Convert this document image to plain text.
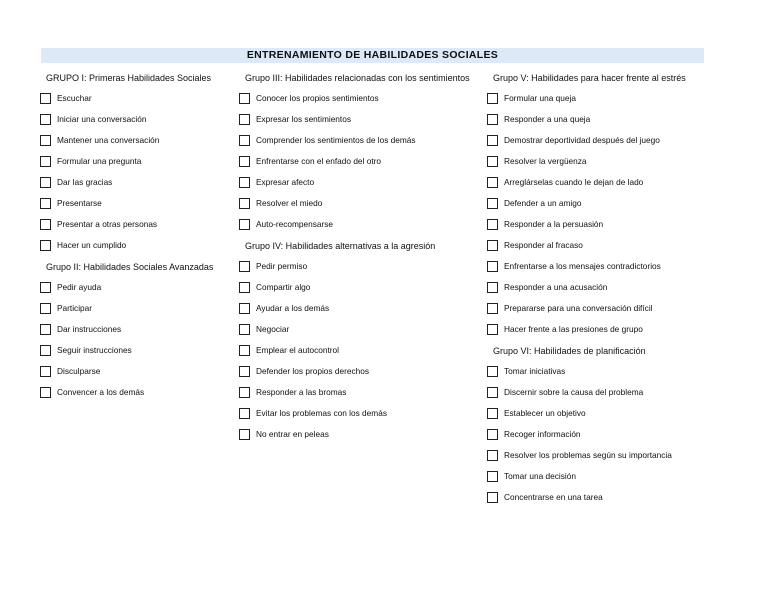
ENTRENAMIENTO DE HABILIDADES SOCIALES
GRUPO I: Primeras Habilidades Sociales
Escuchar
Iniciar una conversación
Mantener una conversación
Formular una pregunta
Dar las gracias
Presentarse
Presentar a otras personas
Hacer un cumplido
Grupo II: Habilidades Sociales Avanzadas
Pedir ayuda
Participar
Dar instrucciones
Seguir instrucciones
Disculparse
Convencer a los demás
Grupo III: Habilidades relacionadas con los sentimientos
Conocer los propios sentimientos
Expresar los sentimientos
Comprender los sentimientos de los demás
Enfrentarse con el enfado del otro
Expresar afecto
Resolver el miedo
Auto-recompensarse
Grupo IV: Habilidades alternativas a la agresión
Pedir permiso
Compartir algo
Ayudar a los demás
Negociar
Emplear el autocontrol
Defender los propios derechos
Responder a las bromas
Evitar los problemas con los demás
No entrar en peleas
Grupo V: Habilidades para hacer frente al estrés
Formular una queja
Responder a una queja
Demostrar deportividad después del juego
Resolver la vergüenza
Arreglárselas cuando le dejan de lado
Defender a un amigo
Responder a la persuasión
Responder al fracaso
Enfrentarse a los mensajes contradictorios
Responder a una acusación
Prepararse para una conversación difícil
Hacer frente a las presiones de grupo
Grupo VI: Habilidades de planificación
Tomar iniciativas
Discernir sobre la causa del problema
Establecer un objetivo
Recoger información
Resolver los problemas según su importancia
Tomar una decisión
Concentrarse en una tarea
